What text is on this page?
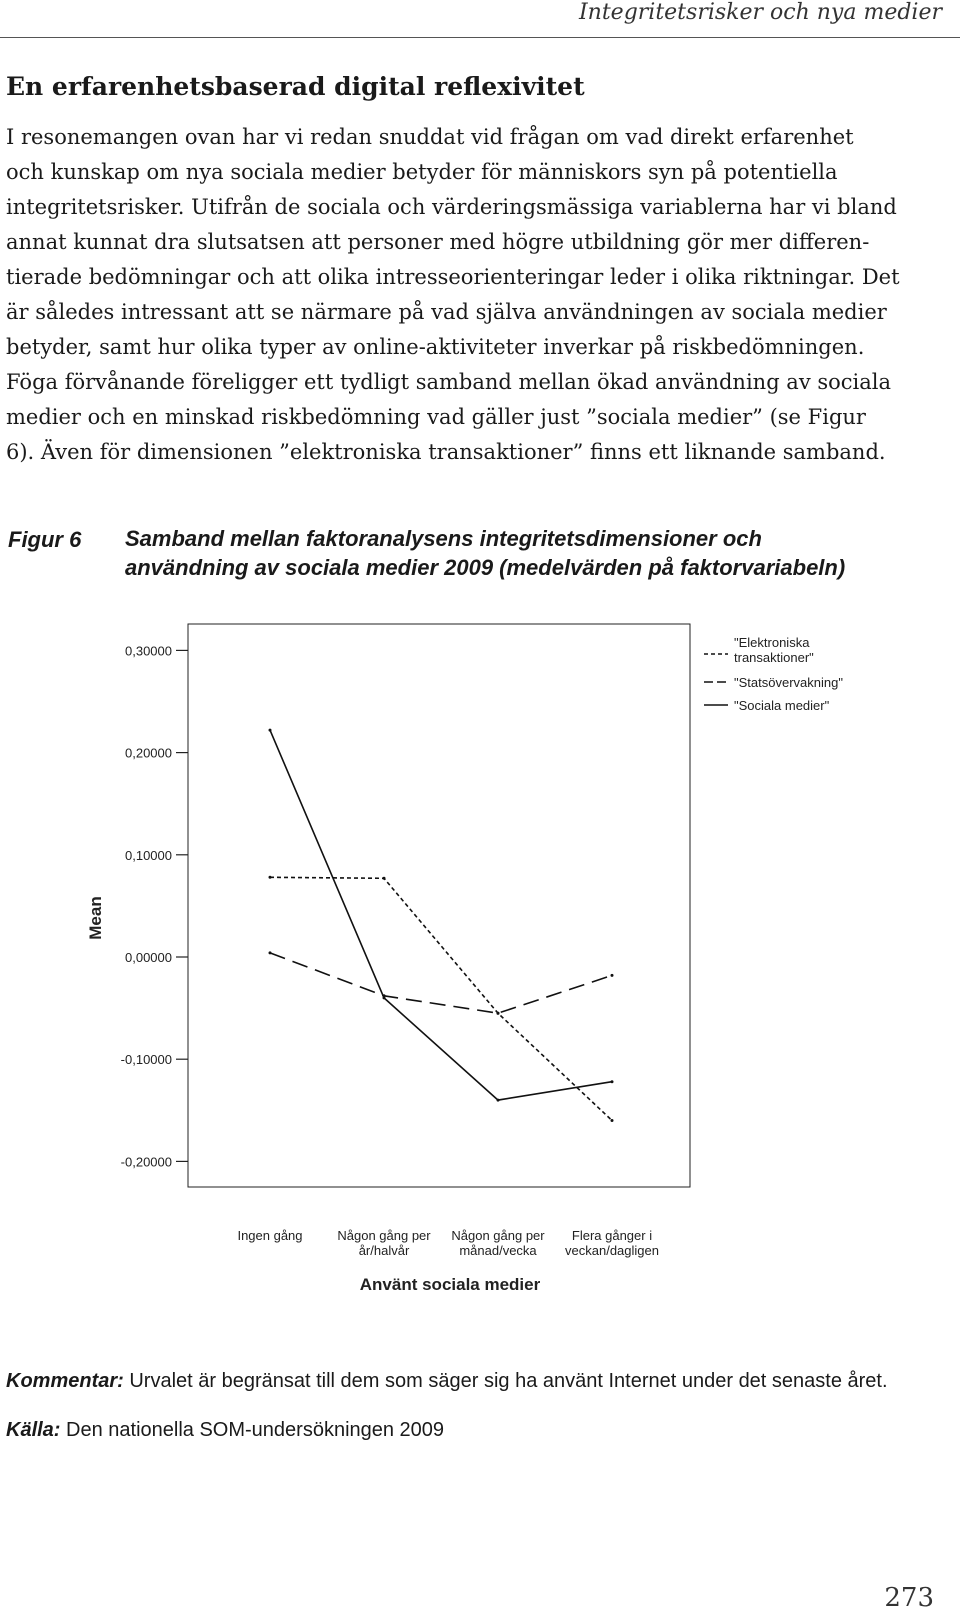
Integritetsrisker och nya medier
En erfarenhetsbaserad digital reflexivitet

I resonemangen ovan har vi redan snuddat vid frågan om vad direkt erfarenhet
och kunskap om nya sociala medier betyder för människors syn på potentiella
integritetsrisker. Utifrån de sociala och värderingsmässiga variablerna har vi bland
annat kunnat dra slutsatsen att personer med högre utbildning gör mer differen-
tierade bedömningar och att olika intresseorienteringar leder i olika riktningar. Det
är således intressant att se närmare på vad själva användningen av sociala medier
betyder, samt hur olika typer av online-aktiviteter inverkar på riskbedömningen.
Föga förvånande föreligger ett tydligt samband mellan ökad användning av sociala
medier och en minskad riskbedömning vad gäller just ”sociala medier” (se Figur
6). Även för dimensionen ”elektroniska transaktioner” finns ett liknande samband.

Figur 6 Samband mellan faktoranalysens integritetsdimensioner och
användning av sociala medier 2009 (medelvärden på faktorvariabeln)
0,30000
0,20000
0,10000
0,00000
-0,10000
-0,20000
Mean
Ingen gång	Någon gång per
år/halvår
Någon gång per
månad/vecka
Flera gånger i
veckan/dagligen
Använt sociala medier
"Elektroniska
transaktioner"
"Statsövervakning"
"Sociala medier"
Kommentar: Urvalet är begränsat till dem som säger sig ha använt Internet under det senaste året.
Källa: Den nationella SOM-undersökningen 2009
273
